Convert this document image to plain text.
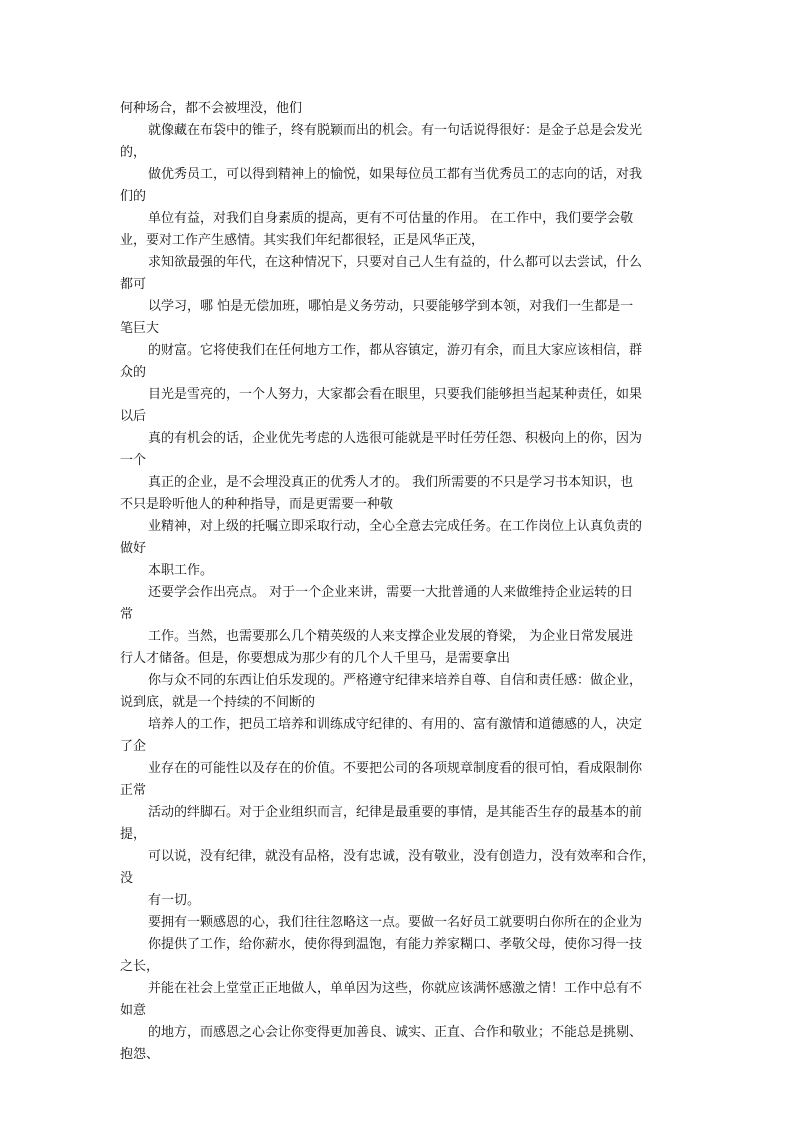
何种场合，都不会被埋没，他们
就像藏在布袋中的锥子，终有脱颖而出的机会。有一句话说得很好：是金子总是会发光
的，
做优秀员工，可以得到精神上的愉悦，如果每位员工都有当优秀员工的志向的话，对我
们的
单位有益，对我们自身素质的提高，更有不可估量的作用。 在工作中，我们要学会敬
业，要对工作产生感情。其实我们年纪都很轻，正是风华正茂，
求知欲最强的年代，在这种情况下，只要对自己人生有益的，什么都可以去尝试，什么
都可
以学习，哪 怕是无偿加班，哪怕是义务劳动，只要能够学到本领，对我们一生都是一
笔巨大
的财富。它将使我们在任何地方工作，都从容镇定，游刃有余，而且大家应该相信，群
众的
目光是雪亮的，一个人努力，大家都会看在眼里，只要我们能够担当起某种责任，如果
以后
真的有机会的话，企业优先考虑的人选很可能就是平时任劳任怨、积极向上的你，因为
一个
真正的企业，是不会埋没真正的优秀人才的。 我们所需要的不只是学习书本知识，也
不只是聆听他人的种种指导，而是更需要一种敬
业精神，对上级的托嘱立即采取行动，全心全意去完成任务。在工作岗位上认真负责的
做好
本职工作。
还要学会作出亮点。 对于一个企业来讲，需要一大批普通的人来做维持企业运转的日
常
工作。当然，也需要那么几个精英级的人来支撑企业发展的脊梁， 为企业日常发展进
行人才储备。但是，你要想成为那少有的几个人千里马，是需要拿出
你与众不同的东西让伯乐发现的。严格遵守纪律来培养自尊、自信和责任感：做企业，
说到底，就是一个持续的不间断的
培养人的工作，把员工培养和训练成守纪律的、有用的、富有激情和道德感的人，决定
了企
业存在的可能性以及存在的价值。不要把公司的各项规章制度看的很可怕，看成限制你
正常
活动的绊脚石。对于企业组织而言，纪律是最重要的事情，是其能否生存的最基本的前
提，
可以说，没有纪律，就没有品格，没有忠诚，没有敬业，没有创造力，没有效率和合作，
没
有一切。
要拥有一颗感恩的心，我们往往忽略这一点。要做一名好员工就要明白你所在的企业为
你提供了工作，给你薪水，使你得到温饱，有能力养家糊口、孝敬父母，使你习得一技
之长，
并能在社会上堂堂正正地做人，单单因为这些，你就应该满怀感激之情！工作中总有不
如意
的地方，而感恩之心会让你变得更加善良、诚实、正直、合作和敬业；不能总是挑剔、
抱怨、
